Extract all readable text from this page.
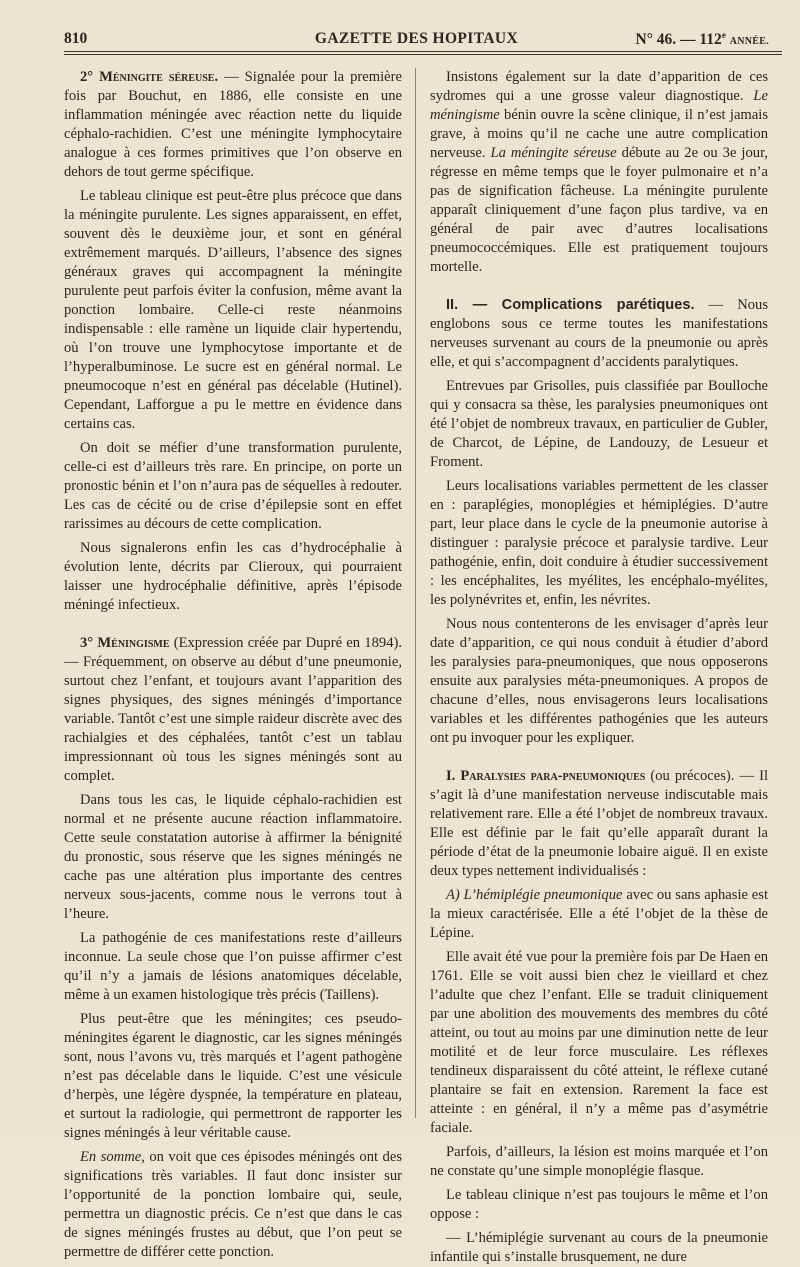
810	GAZETTE DES HOPITAUX	N° 46. — 112e ANNÉE.

2° Méningite séreuse. — Signalée pour la première fois par Bouchut, en 1886, elle consiste en une inflammation méningée avec réaction nette du liquide céphalo-rachidien. C’est une méningite lymphocytaire analogue à ces formes primitives que l’on observe en dehors de tout germe spécifique.

Le tableau clinique est peut-être plus précoce que dans la méningite purulente. Les signes apparaissent, en effet, souvent dès le deuxième jour, et sont en général extrêmement marqués. D’ailleurs, l’absence des signes généraux graves qui accompagnent la méningite purulente peut parfois éviter la confusion, même avant la ponction lombaire. Celle-ci reste néanmoins indispensable : elle ramène un liquide clair hypertendu, où l’on trouve une lymphocytose importante et de l’hyperalbuminose. Le sucre est en général normal. Le pneumocoque n’est en général pas décelable (Hutinel). Cependant, Lafforgue a pu le mettre en évidence dans certains cas.

On doit se méfier d’une transformation purulente, celle-ci est d’ailleurs très rare. En principe, on porte un pronostic bénin et l’on n’aura pas de séquelles à redouter. Les cas de cécité ou de crise d’épilepsie sont en effet rarissimes au décours de cette complication.

Nous signalerons enfin les cas d’hydrocéphalie à évolution lente, décrits par Clieroux, qui pourraient laisser une hydrocéphalie définitive, après l’épisode méningé infectieux.

3° Méningisme (Expression créée par Dupré en 1894). — Fréquemment, on observe au début d’une pneumonie, surtout chez l’enfant, et toujours avant l’apparition des signes physiques, des signes méningés d’importance variable. Tantôt c’est une simple raideur discrète avec des rachialgies et des céphalées, tantôt c’est un tablau impressionnant où tous les signes méningés sont au complet.

Dans tous les cas, le liquide céphalo-rachidien est normal et ne présente aucune réaction inflammatoire. Cette seule constatation autorise à affirmer la bénignité du pronostic, sous réserve que les signes méningés ne cache pas une altération plus importante des centres nerveux sous-jacents, comme nous le verrons tout à l’heure.

La pathogénie de ces manifestations reste d’ailleurs inconnue. La seule chose que l’on puisse affirmer c’est qu’il n’y a jamais de lésions anatomiques décelable, même à un examen histologique très précis (Taillens).

Plus peut-être que les méningites; ces pseudo-méningites égarent le diagnostic, car les signes méningés sont, nous l’avons vu, très marqués et l’agent pathogène n’est pas décelable dans le liquide. C’est une vésicule d’herpès, une légère dyspnée, la température en plateau, et surtout la radiologie, qui permettront de rapporter les signes méningés à leur véritable cause.

En somme, on voit que ces épisodes méningés ont des significations très variables. Il faut donc insister sur l’opportunité de la ponction lombaire qui, seule, permettra un diagnostic précis. Ce n’est que dans le cas de signes méningés frustes au début, que l’on peut se permettre de différer cette ponction.

Insistons également sur la date d’apparition de ces sydromes qui a une grosse valeur diagnostique. Le méningisme bénin ouvre la scène clinique, il n’est jamais grave, à moins qu’il ne cache une autre complication nerveuse. La méningite séreuse débute au 2e ou 3e jour, régresse en même temps que le foyer pulmonaire et n’a pas de signification fâcheuse. La méningite purulente apparaît cliniquement d’une façon plus tardive, va en général de pair avec d’autres localisations pneumococcémiques. Elle est pratiquement toujours mortelle.

II. — Complications parétiques. — Nous englobons sous ce terme toutes les manifestations nerveuses survenant au cours de la pneumonie ou après elle, et qui s’accompagnent d’accidents paralytiques.

Entrevues par Grisolles, puis classifiée par Boulloche qui y consacra sa thèse, les paralysies pneumoniques ont été l’objet de nombreux travaux, en particulier de Gubler, de Charcot, de Lépine, de Landouzy, de Lesueur et Froment.

Leurs localisations variables permettent de les classer en : paraplégies, monoplégies et hémiplégies. D’autre part, leur place dans le cycle de la pneumonie autorise à distinguer : paralysie précoce et paralysie tardive. Leur pathogénie, enfin, doit conduire à étudier successivement : les encéphalites, les myélites, les encéphalo-myélites, les polynévrites et, enfin, les névrites.

Nous nous contenterons de les envisager d’après leur date d’apparition, ce qui nous conduit à étudier d’abord les paralysies para-pneumoniques, que nous opposerons ensuite aux paralysies méta-pneumoniques. A propos de chacune d’elles, nous envisagerons leurs localisations variables et les différentes pathogénies que les auteurs ont pu invoquer pour les expliquer.

I. Paralysies para-pneumoniques (ou précoces). — Il s’agit là d’une manifestation nerveuse indiscutable mais relativement rare. Elle a été l’objet de nombreux travaux. Elle est définie par le fait qu’elle apparaît durant la période d’état de la pneumonie lobaire aiguë. Il en existe deux types nettement individualisés :

A) L’hémiplégie pneumonique avec ou sans aphasie est la mieux caractérisée. Elle a été l’objet de la thèse de Lépine.

Elle avait été vue pour la première fois par De Haen en 1761. Elle se voit aussi bien chez le vieillard et chez l’adulte que chez l’enfant. Elle se traduit cliniquement par une abolition des mouvements des membres du côté atteint, ou tout au moins par une diminution nette de leur motilité et de leur force musculaire. Les réflexes tendineux disparaissent du côté atteint, le réflexe cutané plantaire se fait en extension. Rarement la face est atteinte : en général, il n’y a même pas d’asymétrie faciale.

Parfois, d’ailleurs, la lésion est moins marquée et l’on ne constate qu’une simple monoplégie flasque.

Le tableau clinique n’est pas toujours le même et l’on oppose :

— L’hémiplégie survenant au cours de la pneumonie infantile qui s’installe brusquement, ne dure
